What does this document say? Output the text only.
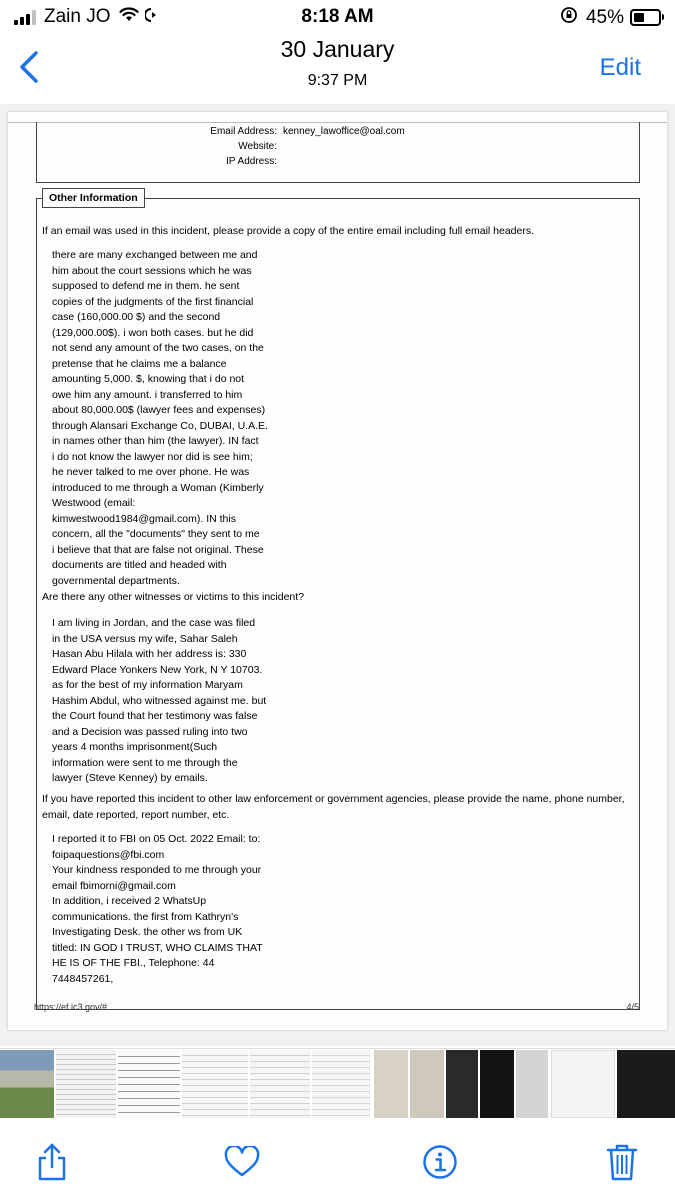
Zain JO	8:18 AM	45%
30 January
9:37 PM	Edit
Email Address: kenney_lawoffice@oal.com
Website:
IP Address:
Other Information

If an email was used in this incident, please provide a copy of the entire email including full email headers.

there are many exchanged between me and
him about the court sessions which he was
supposed to defend me in them. he sent
copies of the judgments of the first financial
case (160,000.00 $) and the second
(129,000.00$). i won both cases. but he did
not send any amount of the two cases, on the
pretense that he claims me a balance
amounting 5,000. $, knowing that i do not
owe him any amount. i transferred to him
about 80,000.00$ (lawyer fees and expenses)
through Alansari Exchange Co, DUBAI, U.A.E.
in names other than him (the lawyer). IN fact
i do not know the lawyer nor did is see him;
he never talked to me over phone. He was
introduced to me through a Woman (Kimberly
Westwood (email:
kimwestwood1984@gmail.com). IN this
concern, all the "documents" they sent to me
i believe that that are false not original. These
documents are titled and headed with
governmental departments.

Are there any other witnesses or victims to this incident?

I am living in Jordan, and the case was filed
in the USA versus my wife, Sahar Saleh
Hasan Abu Hilala with her address is: 330
Edward Place Yonkers New York, N Y 10703.
as for the best of my information Maryam
Hashim Abdul, who witnessed against me. but
the Court found that her testimony was false
and a Decision was passed ruling into two
years 4 months imprisonment(Such
information were sent to me through the
lawyer (Steve Kenney) by emails.

If you have reported this incident to other law enforcement or government agencies, please provide the name, phone number, email, date reported, report number, etc.

I reported it to FBI on 05 Oct. 2022 Email: to:
foipaquestions@fbi.com
Your kindness responded to me through your
email fbimorni@gmail.com
In addition, i received 2 WhatsUp
communications. the first from Kathryn's
Investigating Desk. the other ws from UK
titled: IN GOD I TRUST, WHO CLAIMS THAT
HE IS OF THE FBI., Telephone: 44
7448457261,

https://ef.ic3.gov/#	4/5
